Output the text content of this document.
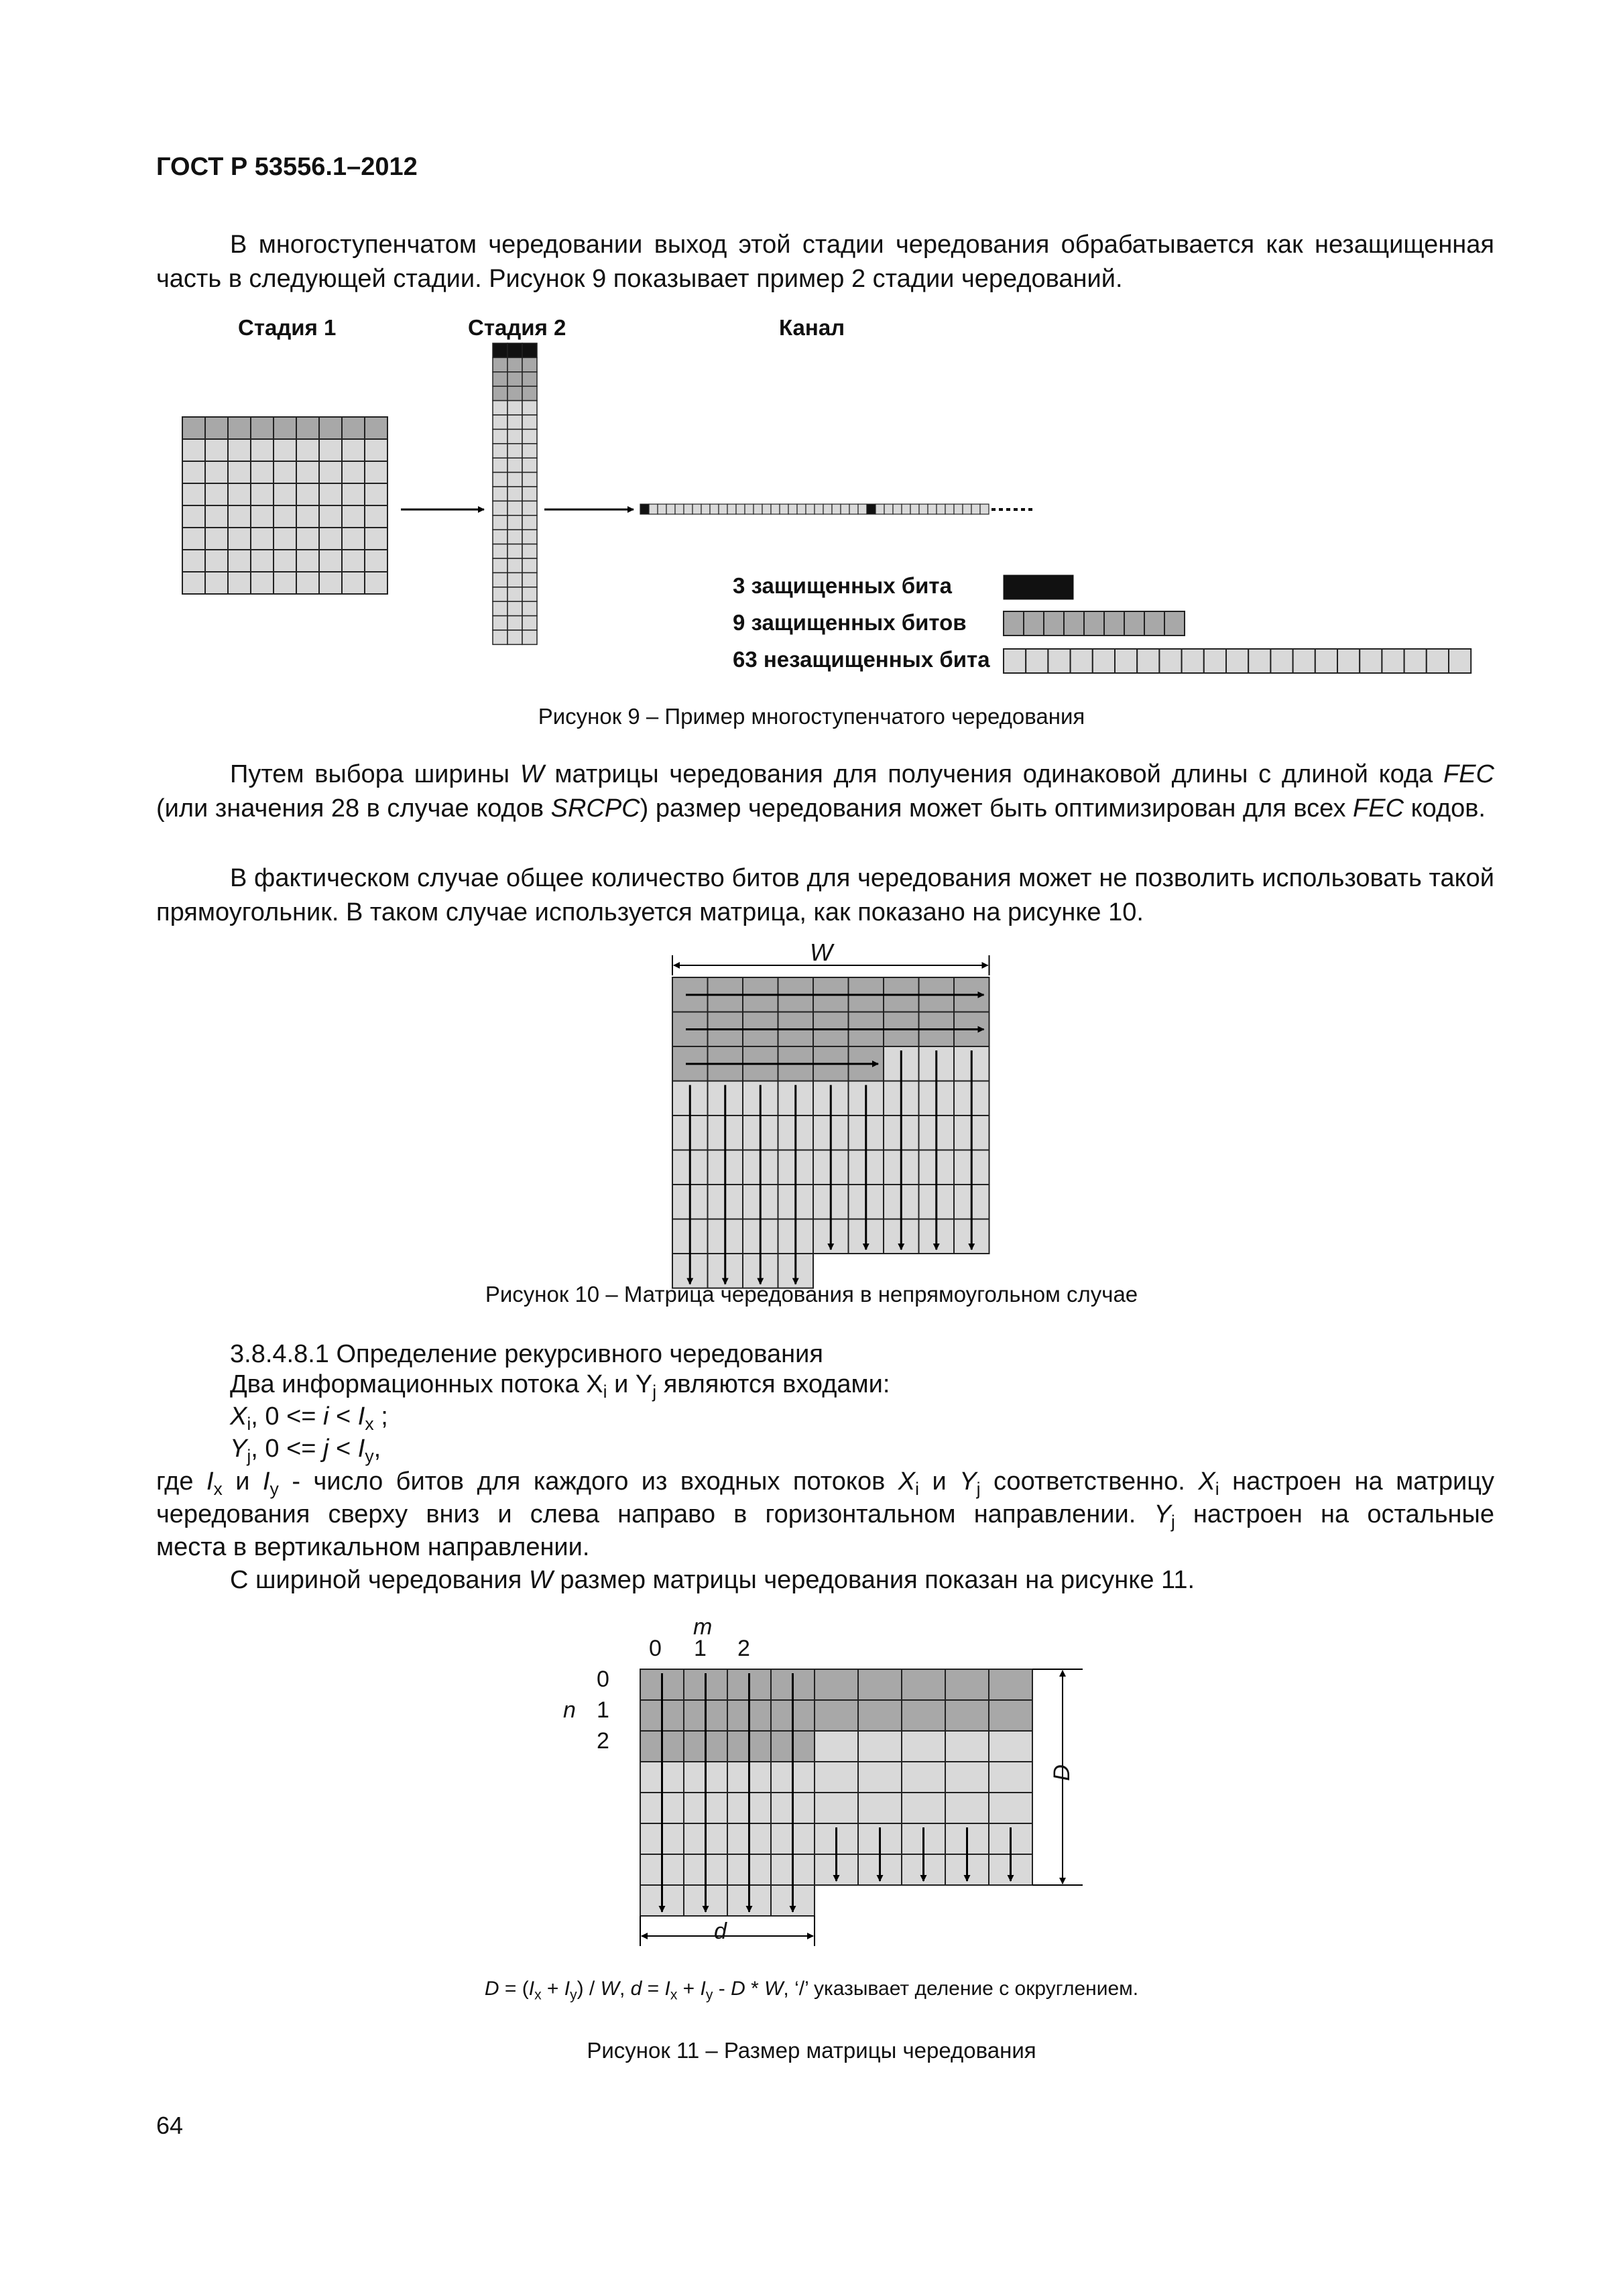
ГОСТ Р 53556.1–2012
В многоступенчатом чередовании выход этой стадии чередования обрабатывается как незащищенная часть в следующей стадии. Рисунок 9 показывает пример 2 стадии чередований.
Стадия 1	Стадия 2	Канал
3 защищенных бита
9 защищенных битов
63 незащищенных бита
Рисунок 9 – Пример многоступенчатого чередования
Путем выбора ширины W матрицы чередования для получения одинаковой длины с длиной кода FEC (или значения 28 в случае кодов SRCPC) размер чередования может быть оптимизирован для всех FEC кодов.
В фактическом случае общее количество битов для чередования может не позволить использовать такой прямоугольник. В таком случае используется матрица, как показано на рисунке 10.
W
Рисунок 10 – Матрица чередования в непрямоугольном случае
3.8.4.8.1 Определение рекурсивного чередования
Два информационных потока $X_i$ и $Y_j$ являются входами:
$X_i$, $0 <= i < I_x$ ;
$Y_j$, $0 <= j < I_y$,
где $I_x$ и $I_y$ - число битов для каждого из входных потоков $X_i$ и $Y_j$ соответственно. $X_i$ настроен на матрицу
чередования сверху вниз и слева направо в горизонтальном направлении. $Y_j$ настроен на остальные
места в вертикальном направлении.
С шириной чередования W размер матрицы чередования показан на рисунке 11.
m
0 1 2
0
n 1
2
D
d
$D = (I_x + I_y) / W$, $d = I_x + I_y - D * W$, ‘/’ указывает деление с округлением.
Рисунок 11 – Размер матрицы чередования
64
